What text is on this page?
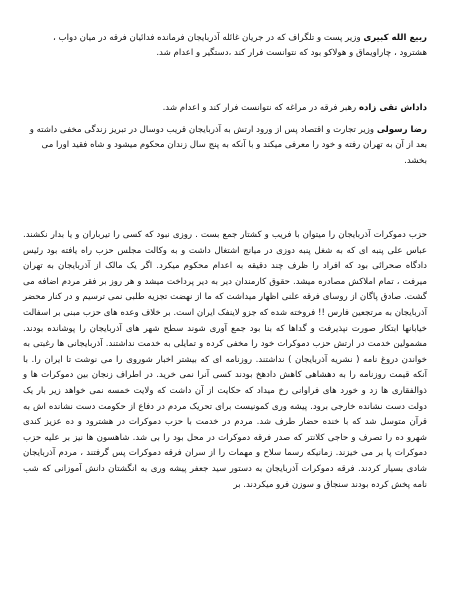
ربیع الله کبیری وزیر پست و تلگراف که در جریان غائله آذربایجان فرمانده فدائیان فرقه در میان دواب ، هشترود ، چاراویماق و هولاکو بود که نتوانست فرار کند ،دستگیر و اعدام شد.

داداش تقی زاده رهبر فرقه در مراغه که نتوانست فرار کند و اعدام شد.

رضا رسولی وزیر تجارت و اقتصاد پس از ورود ارتش به آذربایجان قریب دوسال در تبریز زندگی مخفی داشته و بعد از آن به تهران رفته و خود را معرفی میکند و با آنکه به پنج سال زندان محکوم میشود و شاه فقید اورا می بخشد.

حزب دموکرات آذربایجان را میتوان با فریب و کشتار جمع بست . روزی نبود که کسی را تیرباران و یا بدار نکشند. عباس علی پنبه ای که به شغل پنبه دوزی در میانج اشتغال داشت و به وکالت مجلس حزب راه یافته بود رئیس دادگاه صحرائی بود که افراد را ظرف چند دقیقه به اعدام محکوم میکرد. اگر یک مالک از آذربایجان به تهران میرفت ، تمام املاکش مصادره میشد. حقوق کارمندان دیر به دیر پرداخت میشد و هر روز بر فقر مردم اضافه می گشت. صادق پاگان از روسای فرقه علنی اظهار میداشت که ما از نهضت تجزیه طلبی نمی ترسیم و در کنار محضر آذربایجان به مرتجعین فارس !! فروخته شده که جزو لاینفک ایران است. بر خلاف وعده های حزب مبنی بر اسفالت خیابانها ابتکار صورت نپذیرفت و گداها که بنا بود جمع آوری شوند سطح شهر های آذربایجان را پوشانده بودند. مشمولین خدمت در ارتش حزب دموکرات خود را مخفی کرده و تمایلی به خدمت نداشتند. آذربایجانی ها رغبتی به خواندن دروغ نامه ( نشریه آذربایجان ) نداشتند. روزنامه ای که بیشتر اخبار شوروی را می نوشت تا ایران را. با آنکه قیمت روزنامه را به دهشاهی کاهش دادهخ بودند کسی آنرا نمی خرید. در اطراف زنجان بین دموکرات ها و ذوالفقاری ها زد و خورد های فراوانی رخ میداد که حکایت از آن داشت که ولایت خمسه نمی خواهد زیر بار یک دولت دست نشانده خارجی برود. پیشه وری کمونیست برای تحریک مردم در دفاع از حکومت دست نشانده اش به قرآن متوسل شد که با خنده حضار طرف شد. مردم در خدمت با حزب دموکرات در هشترود و ده عزیز کندی شهرو ده را تصرف و حاجی کلانتر که صدر فرقه دموکرات در محل بود را بی شد. شاهسون ها نیز بر علیه حزب دموکرات پا بر می خیزند. زمانیکه رسما سلاح و مهمات را از سران فرقه دموکرات پس گرفتند ، مردم آذربایجان شادی بسیار کردند. فرقه دموکرات آذربایجان به دستور سید جعفر پیشه وری به انگشتان دانش آموزانی که شب نامه پخش کرده بودند سنجاق و سوزن فرو میکردند. بر
